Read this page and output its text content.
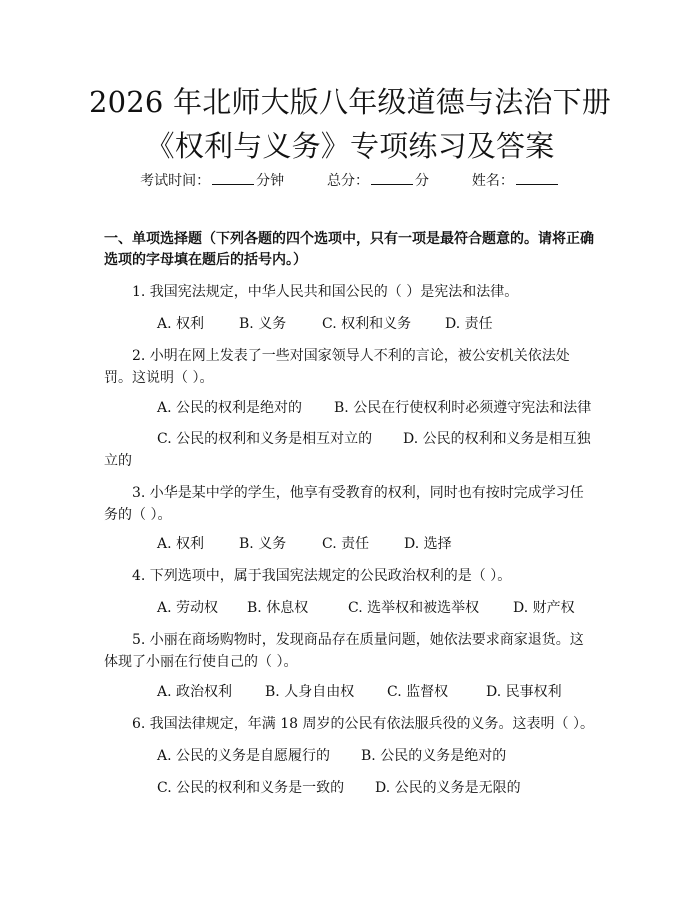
2026 年北师大版八年级道德与法治下册《权利与义务》专项练习及答案
考试时间：	分钟	总分：	分	姓名：
一、单项选择题（下列各题的四个选项中，只有一项是最符合题意的。请将正确选项的字母填在题后的括号内。）
1. 我国宪法规定，中华人民共和国公民的（ ）是宪法和法律。
A. 权利 B. 义务	C. 权利和义务 D. 责任
2. 小明在网上发表了一些对国家领导人不利的言论，被公安机关依法处罚。这说明（ ）。
A. 公民的权利是绝对的 B. 公民在行使权利时必须遵守宪法和法律
C. 公民的权利和义务是相互对立的 D. 公民的权利和义务是相互独立的
3. 小华是某中学的学生，他享有受教育的权利，同时也有按时完成学习任务的（ ）。
A. 权利 B. 义务	C. 责任 D. 选择
4. 下列选项中，属于我国宪法规定的公民政治权利的是（ ）。
A. 劳动权 B. 休息权	C. 选举权和被选举权 D. 财产权
5. 小丽在商场购物时，发现商品存在质量问题，她依法要求商家退货。这体现了小丽在行使自己的（ ）。
A. 政治权利 B. 人身自由权 C. 监督权	D. 民事权利
6. 我国法律规定，年满 18 周岁的公民有依法服兵役的义务。这表明（ ）。
A. 公民的义务是自愿履行的 B. 公民的义务是绝对的
C. 公民的权利和义务是一致的 D. 公民的义务是无限的
